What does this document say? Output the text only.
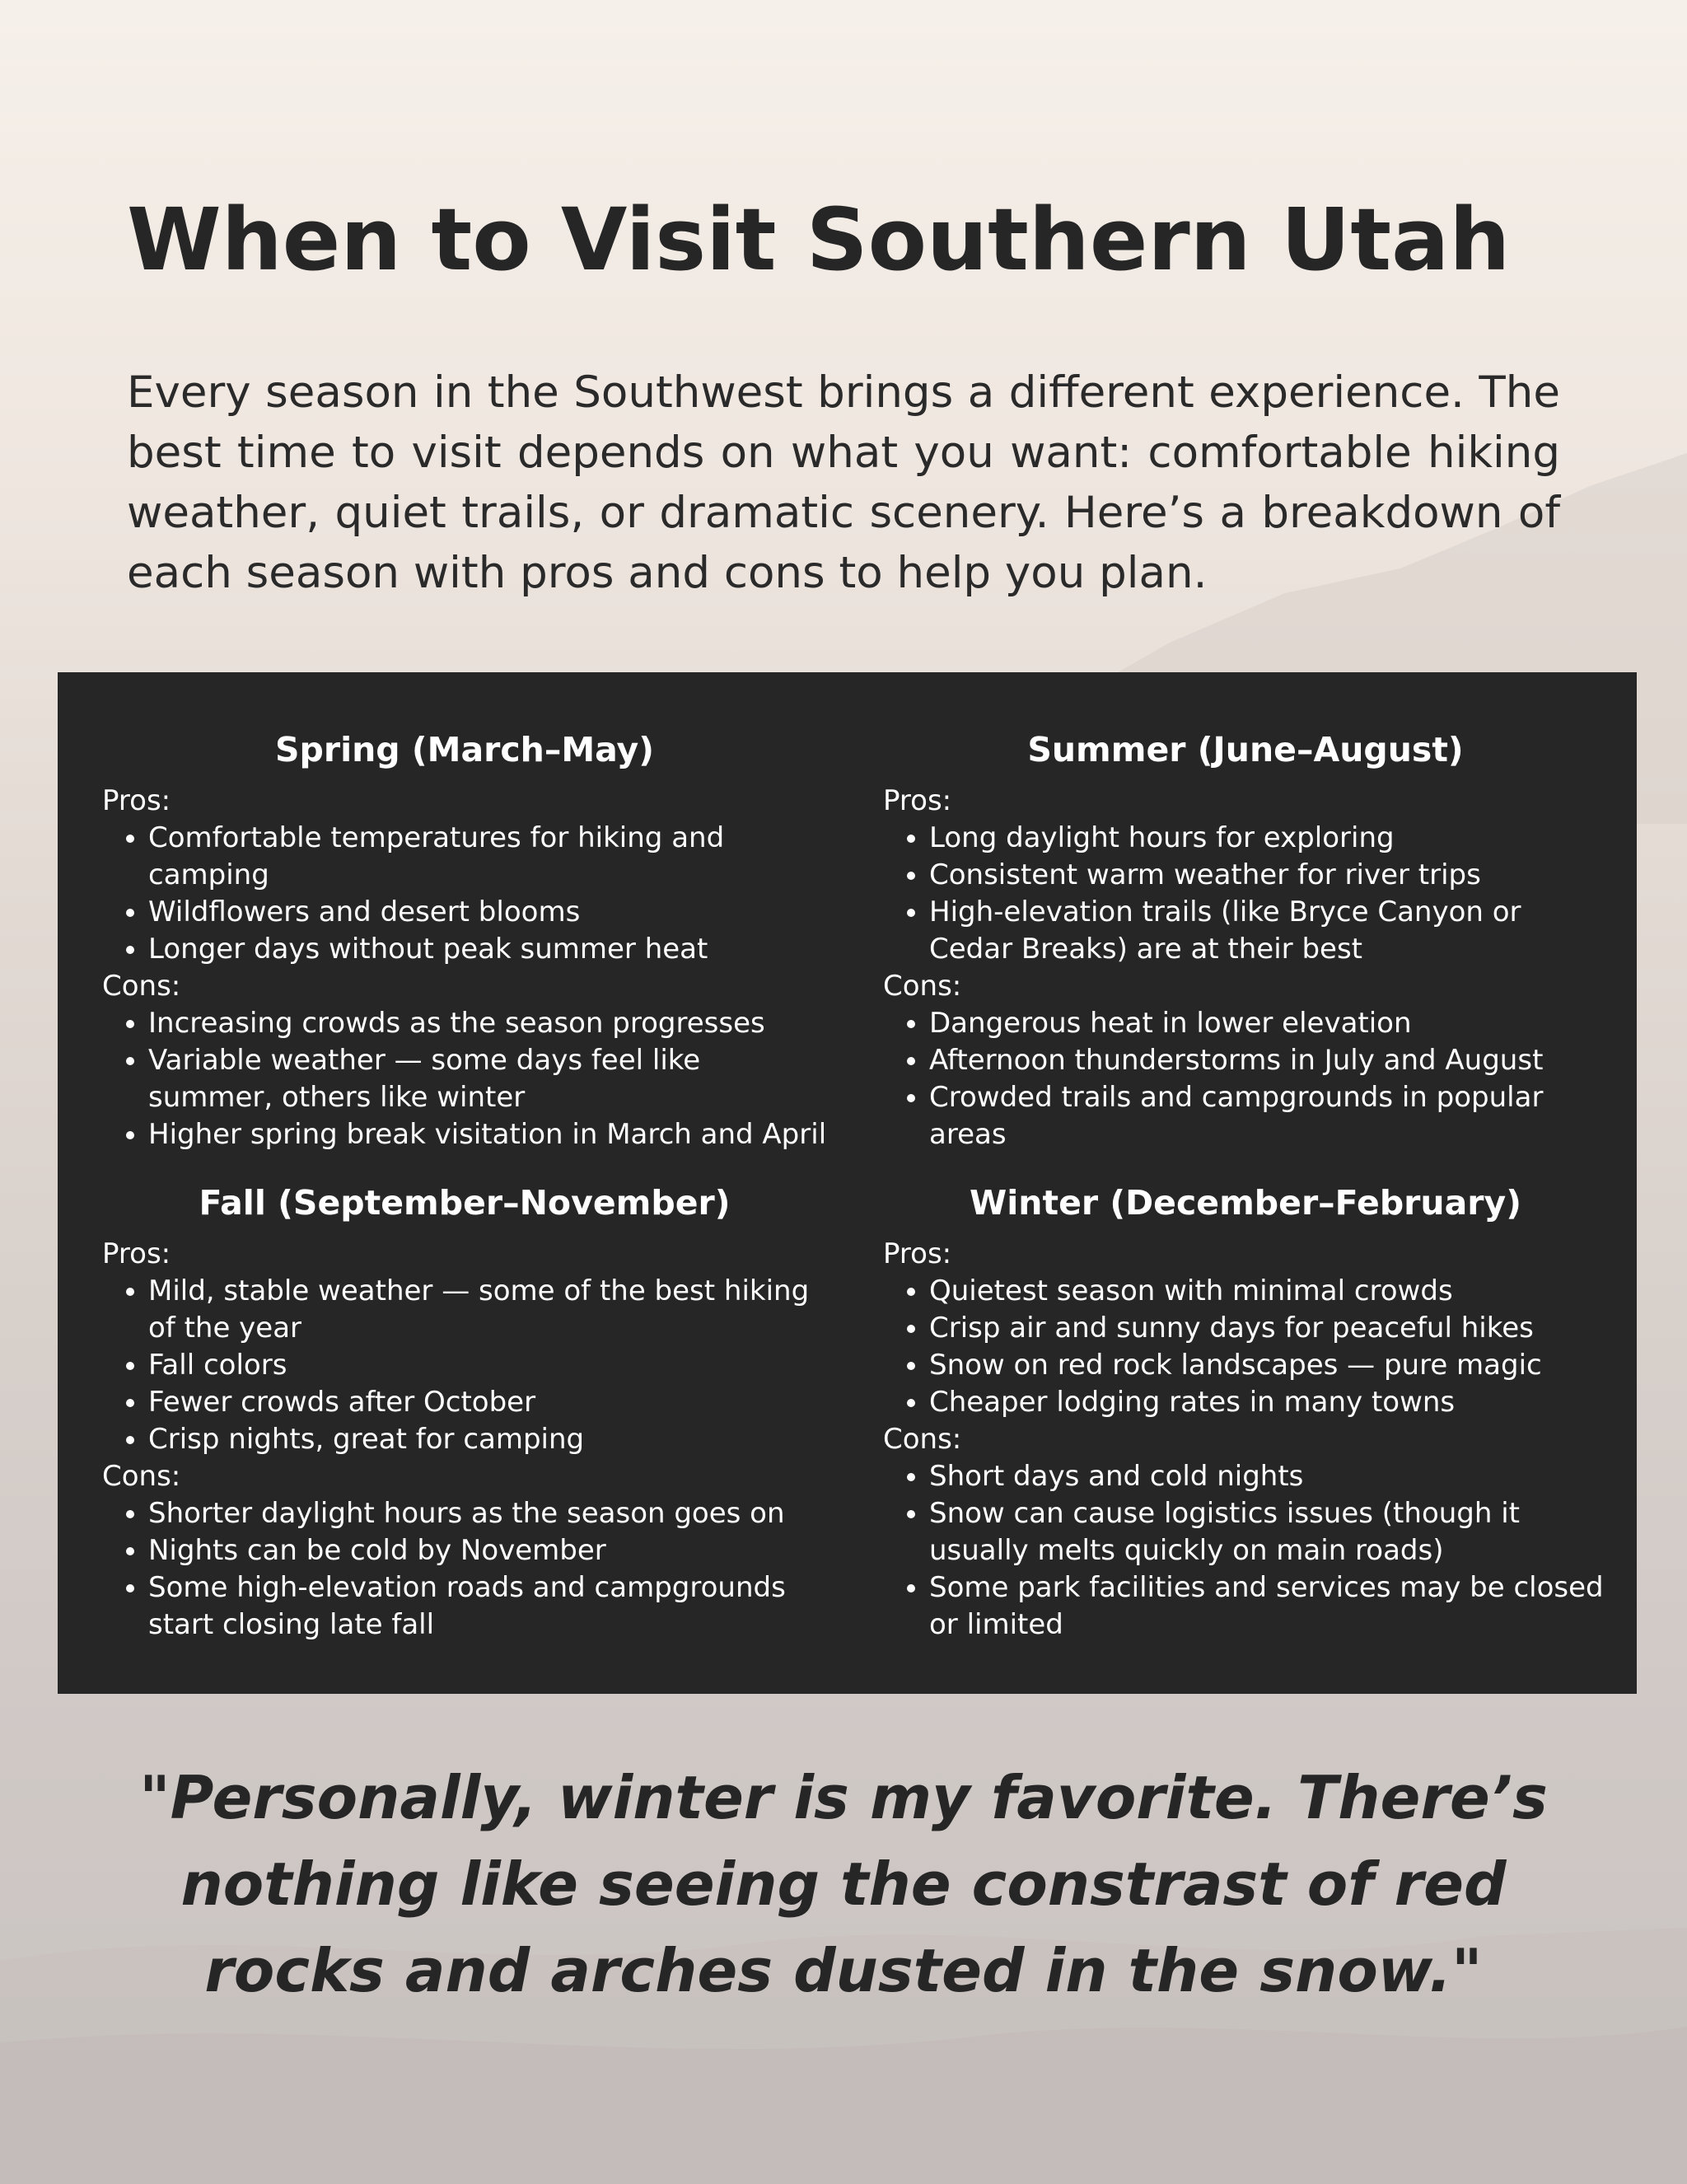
When to Visit Southern Utah

Every season in the Southwest brings a different experience. The best time to visit depends on what you want: comfortable hiking weather, quiet trails, or dramatic scenery. Here’s a breakdown of each season with pros and cons to help you plan.

Spring (March–May)
Pros:
• Comfortable temperatures for hiking and camping
• Wildflowers and desert blooms
• Longer days without peak summer heat
Cons:
• Increasing crowds as the season progresses
• Variable weather — some days feel like summer, others like winter
• Higher spring break visitation in March and April
Summer (June–August)
Pros:
• Long daylight hours for exploring
• Consistent warm weather for river trips
• High-elevation trails (like Bryce Canyon or Cedar Breaks) are at their best
Cons:
• Dangerous heat in lower elevation
• Afternoon thunderstorms in July and August
• Crowded trails and campgrounds in popular areas
Fall (September–November)
Pros:
• Mild, stable weather — some of the best hiking of the year
• Fall colors
• Fewer crowds after October
• Crisp nights, great for camping
Cons:
• Shorter daylight hours as the season goes on
• Nights can be cold by November
• Some high-elevation roads and campgrounds start closing late fall
Winter (December–February)
Pros:
• Quietest season with minimal crowds
• Crisp air and sunny days for peaceful hikes
• Snow on red rock landscapes — pure magic
• Cheaper lodging rates in many towns
Cons:
• Short days and cold nights
• Snow can cause logistics issues (though it usually melts quickly on main roads)
• Some park facilities and services may be closed or limited

"Personally, winter is my favorite. There’s nothing like seeing the constrast of red rocks and arches dusted in the snow."
